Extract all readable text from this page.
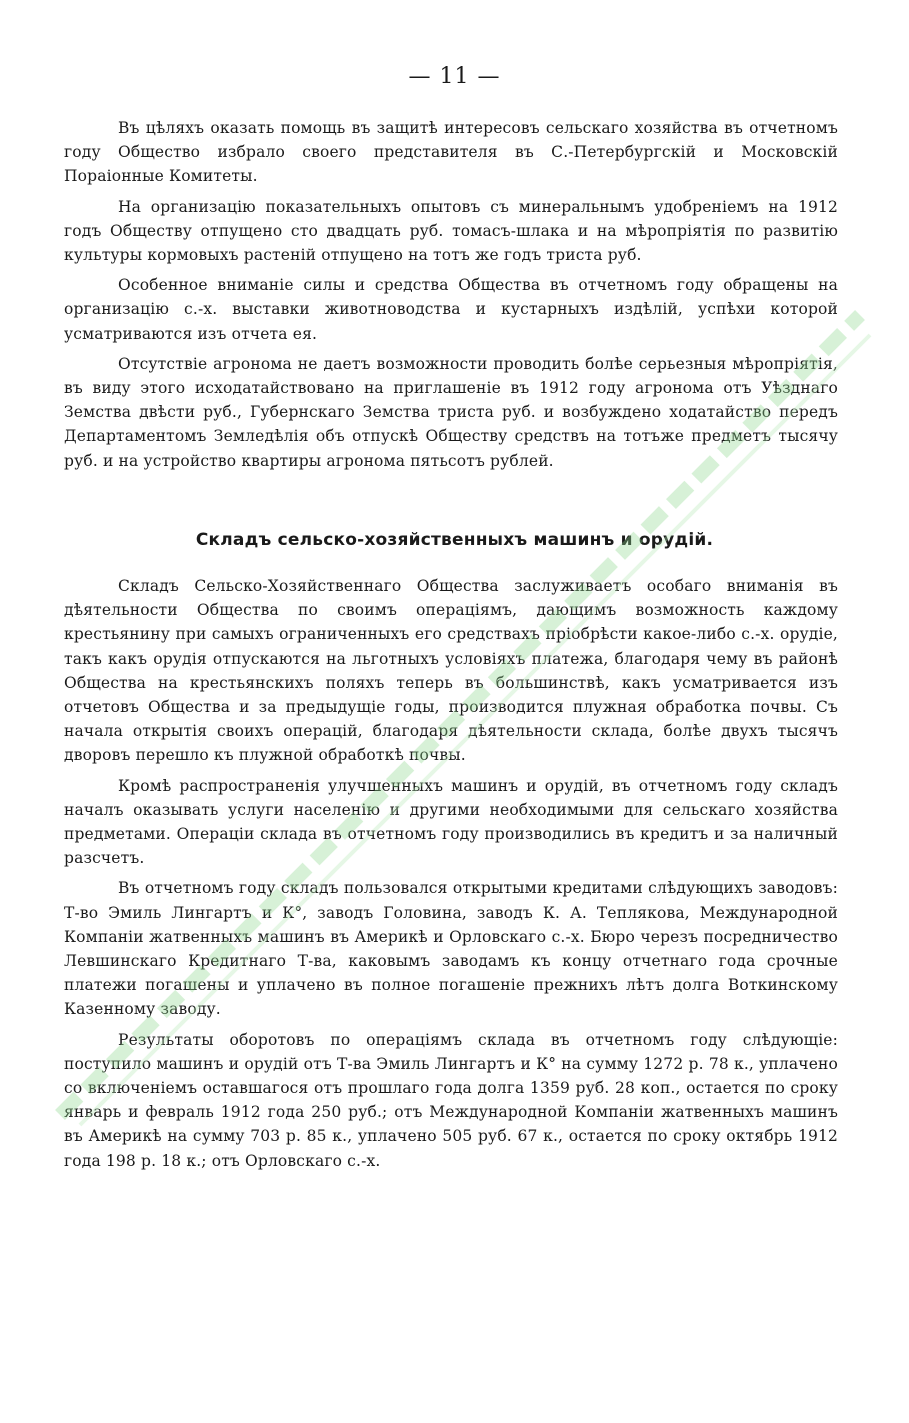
— 11 —

Въ цѣляхъ оказать помощь въ защитѣ интересовъ сельскаго хозяйства въ отчетномъ году Общество избрало своего представителя въ С.-Петербургскій и Московскій Пораіонные Комитеты.

На организацію показательныхъ опытовъ съ минеральнымъ удобреніемъ на 1912 годъ Обществу отпущено сто двадцать руб. томасъ-шлака и на мѣропріятія по развитію культуры кормовыхъ растеній отпущено на тотъ же годъ триста руб.

Особенное вниманіе силы и средства Общества въ отчетномъ году обращены на организацію с.-х. выставки животноводства и кустарныхъ издѣлій, успѣхи которой усматриваются изъ отчета ея.

Отсутствіе агронома не даетъ возможности проводить болѣе серьезныя мѣропріятія, въ виду этого исходатайствовано на приглашеніе въ 1912 году агронома отъ Уѣзднаго Земства двѣсти руб., Губернскаго Земства триста руб. и возбуждено ходатайство передъ Департаментомъ Земледѣлія объ отпускѣ Обществу средствъ на тотъже предметъ тысячу руб. и на устройство квартиры агронома пятьсотъ рублей.

Складъ сельско-хозяйственныхъ машинъ и орудій.

Складъ Сельско-Хозяйственнаго Общества заслуживаетъ особаго вниманія въ дѣятельности Общества по своимъ операціямъ, дающимъ возможность каждому крестьянину при самыхъ ограниченныхъ его средствахъ пріобрѣсти какое-либо с.-х. орудіе, такъ какъ орудія отпускаются на льготныхъ условіяхъ платежа, благодаря чему въ районѣ Общества на крестьянскихъ поляхъ теперь въ большинствѣ, какъ усматривается изъ отчетовъ Общества и за предыдущіе годы, производится плужная обработка почвы. Съ начала открытія своихъ операцій, благодаря дѣятельности склада, болѣе двухъ тысячъ дворовъ перешло къ плужной обработкѣ почвы.

Кромѣ распространенія улучшенныхъ машинъ и орудій, въ отчетномъ году складъ началъ оказывать услуги населенію и другими необходимыми для сельскаго хозяйства предметами. Операціи склада въ отчетномъ году производились въ кредитъ и за наличный разсчетъ.

Въ отчетномъ году складъ пользовался открытыми кредитами слѣдующихъ заводовъ: Т-во Эмиль Лингартъ и К°, заводъ Головина, заводъ К. А. Теплякова, Международной Компаніи жатвенныхъ машинъ въ Америкѣ и Орловскаго с.-х. Бюро черезъ посредничество Левшинскаго Кредитнаго Т-ва, каковымъ заводамъ къ концу отчетнаго года срочные платежи погашены и уплачено въ полное погашеніе прежнихъ лѣтъ долга Воткинскому Казенному заводу.

Результаты оборотовъ по операціямъ склада въ отчетномъ году слѣдующіе: поступило машинъ и орудій отъ Т-ва Эмиль Лингартъ и К° на сумму 1272 р. 78 к., уплачено со включеніемъ оставшагося отъ прошлаго года долга 1359 руб. 28 коп., остается по сроку январь и февраль 1912 года 250 руб.; отъ Международной Компаніи жатвенныхъ машинъ въ Америкѣ на сумму 703 р. 85 к., уплачено 505 руб. 67 к., остается по сроку октябрь 1912 года 198 р. 18 к.; отъ Орловскаго с.-х.
